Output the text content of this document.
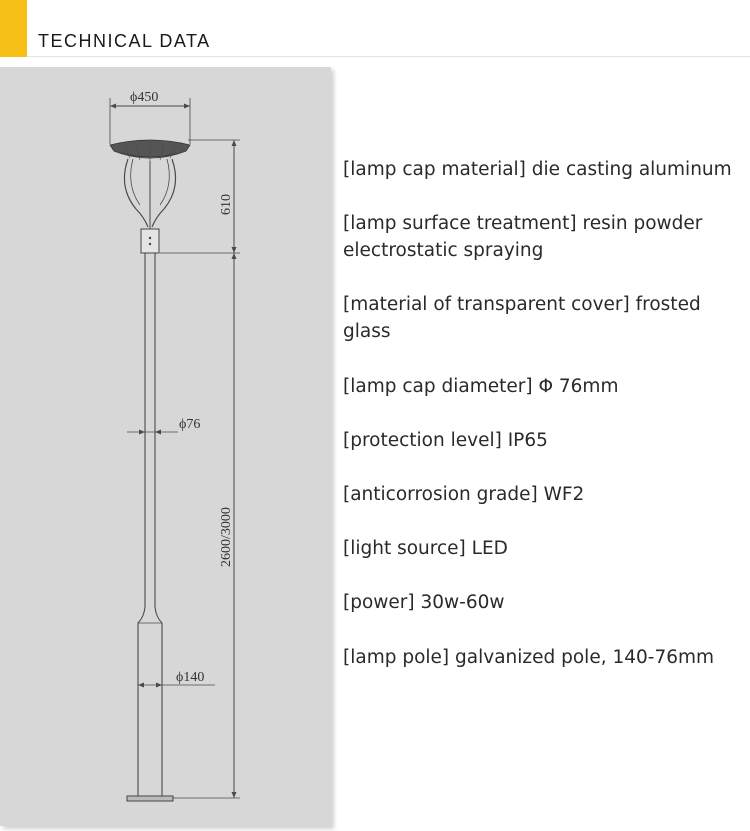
TECHNICAL DATA
ϕ450
610
ϕ76
2600/3000
ϕ140
[lamp cap material] die casting aluminum
[lamp surface treatment] resin powder electrostatic spraying
[material of transparent cover] frosted glass
[lamp cap diameter] Φ 76mm
[protection level] IP65
[anticorrosion grade] WF2
[light source] LED
[power] 30w-60w
[lamp pole] galvanized pole, 140-76mm
